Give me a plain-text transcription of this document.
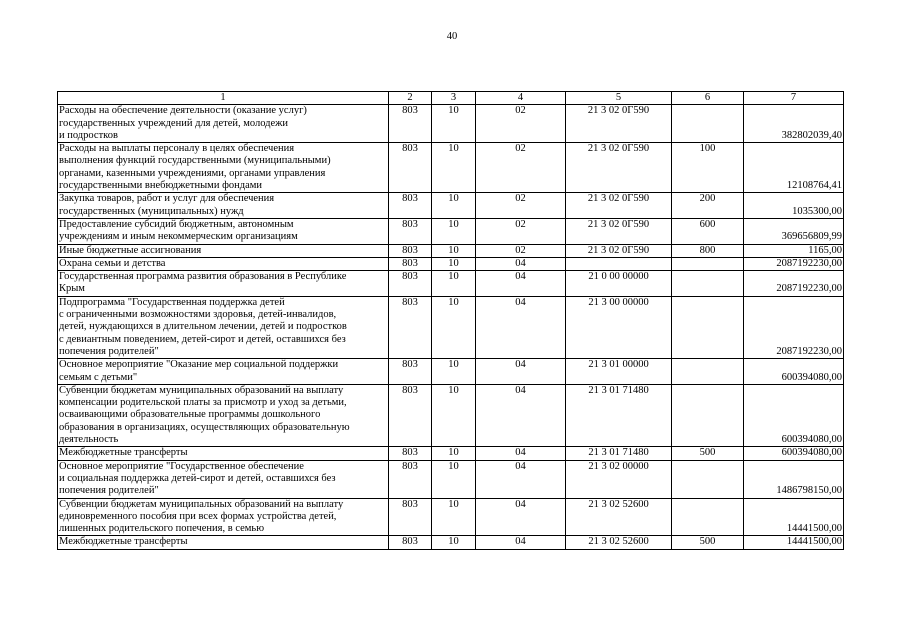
40
1	2	3	4	5	6	7

Расходы на обеспечение деятельности (оказание услуг)
государственных учреждений для детей, молодежи
и подростков	803	10	02	21 3 02 0Г590		382802039,40

Расходы на выплаты персоналу в целях обеспечения
выполнения функций государственными (муниципальными)
органами, казенными учреждениями, органами управления
государственными внебюджетными фондами	803	10	02	21 3 02 0Г590	100	12108764,41

Закупка товаров, работ и услуг для обеспечения
государственных (муниципальных) нужд	803	10	02	21 3 02 0Г590	200	1035300,00

Предоставление субсидий бюджетным, автономным
учреждениям и иным некоммерческим организациям	803	10	02	21 3 02 0Г590	600	369656809,99

Иные бюджетные ассигнования	803	10	02	21 3 02 0Г590	800	1165,00

Охрана семьи и детства	803	10	04			2087192230,00

Государственная программа развития образования в Республике
Крым	803	10	04	21 0 00 00000		2087192230,00

Подпрограмма "Государственная поддержка детей
с ограниченными возможностями здоровья, детей-инвалидов,
детей, нуждающихся в длительном лечении, детей и подростков
с девиантным поведением, детей-сирот и детей, оставшихся без
попечения родителей"	803	10	04	21 3 00 00000		2087192230,00

Основное мероприятие "Оказание мер социальной поддержки
семьям с детьми"	803	10	04	21 3 01 00000		600394080,00

Субвенции бюджетам муниципальных образований на выплату
компенсации родительской платы за присмотр и уход за детьми,
осваивающими образовательные программы дошкольного
образования в организациях, осуществляющих образовательную
деятельность	803	10	04	21 3 01 71480		600394080,00

Межбюджетные трансферты	803	10	04	21 3 01 71480	500	600394080,00

Основное мероприятие "Государственное обеспечение
и социальная поддержка детей-сирот и детей, оставшихся без
попечения родителей"	803	10	04	21 3 02 00000		1486798150,00

Субвенции бюджетам муниципальных образований на выплату
единовременного пособия при всех формах устройства детей,
лишенных родительского попечения, в семью	803	10	04	21 3 02 52600		14441500,00

Межбюджетные трансферты	803	10	04	21 3 02 52600	500	14441500,00
